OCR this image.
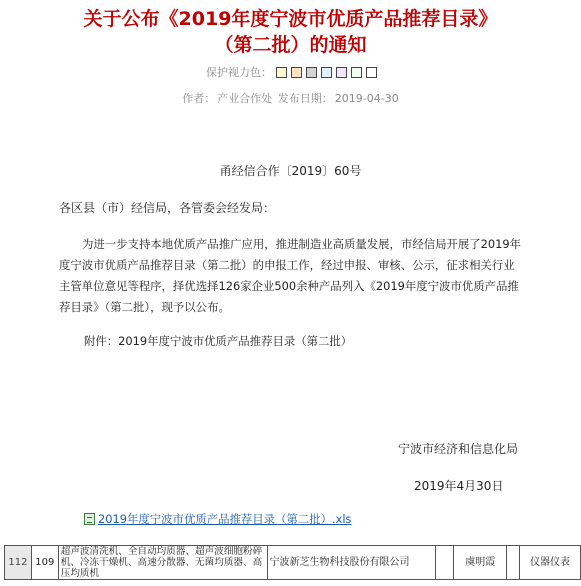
关于公布《2019年度宁波市优质产品推荐目录》
（第二批）的通知
保护视力色：
作者： 产业合作处 发布日期： 2019-04-30
甬经信合作〔2019〕60号
各区县（市）经信局，各管委会经发局：
为进一步支持本地优质产品推广应用，推进制造业高质量发展，市经信局开展了2019年度宁波市优质产品推荐目录（第二批）的申报工作，经过申报、审核、公示，征求相关行业主管单位意见等程序，择优选择126家企业500余种产品列入《2019年度宁波市优质产品推荐目录》（第二批），现予以公布。
附件：2019年度宁波市优质产品推荐目录（第二批）
宁波市经济和信息化局
2019年4月30日
2019年度宁波市优质产品推荐目录（第二批）.xls
112	109	超声波清洗机、全自动均质器、超声波细胞粉碎机、冷冻干燥机、高速分散器、无菌均质器、高压均质机	宁波新芝生物科技股份有限公司		虞明霞		仪器仪表
